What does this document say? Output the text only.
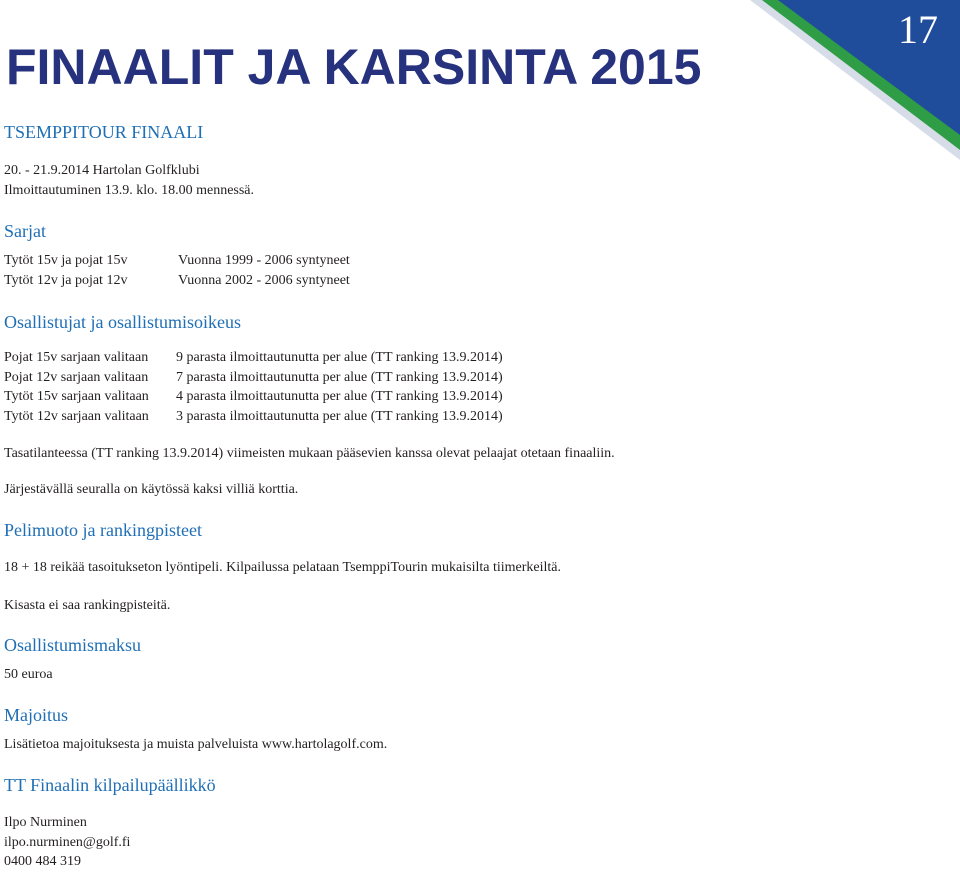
17
FINAALIT JA KARSINTA 2015
TSEMPPITOUR FINAALI
20. - 21.9.2014 Hartolan Golfklubi
Ilmoittautuminen 13.9. klo. 18.00 mennessä.
Sarjat
Tytöt 15v ja pojat 15v	Vuonna 1999 - 2006 syntyneet
Tytöt 12v ja pojat 12v	Vuonna 2002 - 2006 syntyneet
Osallistujat ja osallistumisoikeus
Pojat 15v sarjaan valitaan	9 parasta ilmoittautunutta per alue (TT ranking 13.9.2014)
Pojat 12v sarjaan valitaan	7 parasta ilmoittautunutta per alue (TT ranking 13.9.2014)
Tytöt 15v sarjaan valitaan	4 parasta ilmoittautunutta per alue (TT ranking 13.9.2014)
Tytöt 12v sarjaan valitaan	3 parasta ilmoittautunutta per alue (TT ranking 13.9.2014)
Tasatilanteessa (TT ranking 13.9.2014) viimeisten mukaan pääsevien kanssa olevat pelaajat otetaan finaaliin.
Järjestävällä seuralla on käytössä kaksi villiä korttia.
Pelimuoto ja rankingpisteet
18 + 18 reikää tasoitukseton lyöntipeli. Kilpailussa pelataan TsemppiTourin mukaisilta tiimerkeiltä.
Kisasta ei saa rankingpisteitä.
Osallistumismaksu
50 euroa
Majoitus
Lisätietoa majoituksesta ja muista palveluista www.hartolagolf.com.
TT Finaalin kilpailupäällikkö
Ilpo Nurminen
ilpo.nurminen@golf.fi
0400 484 319
